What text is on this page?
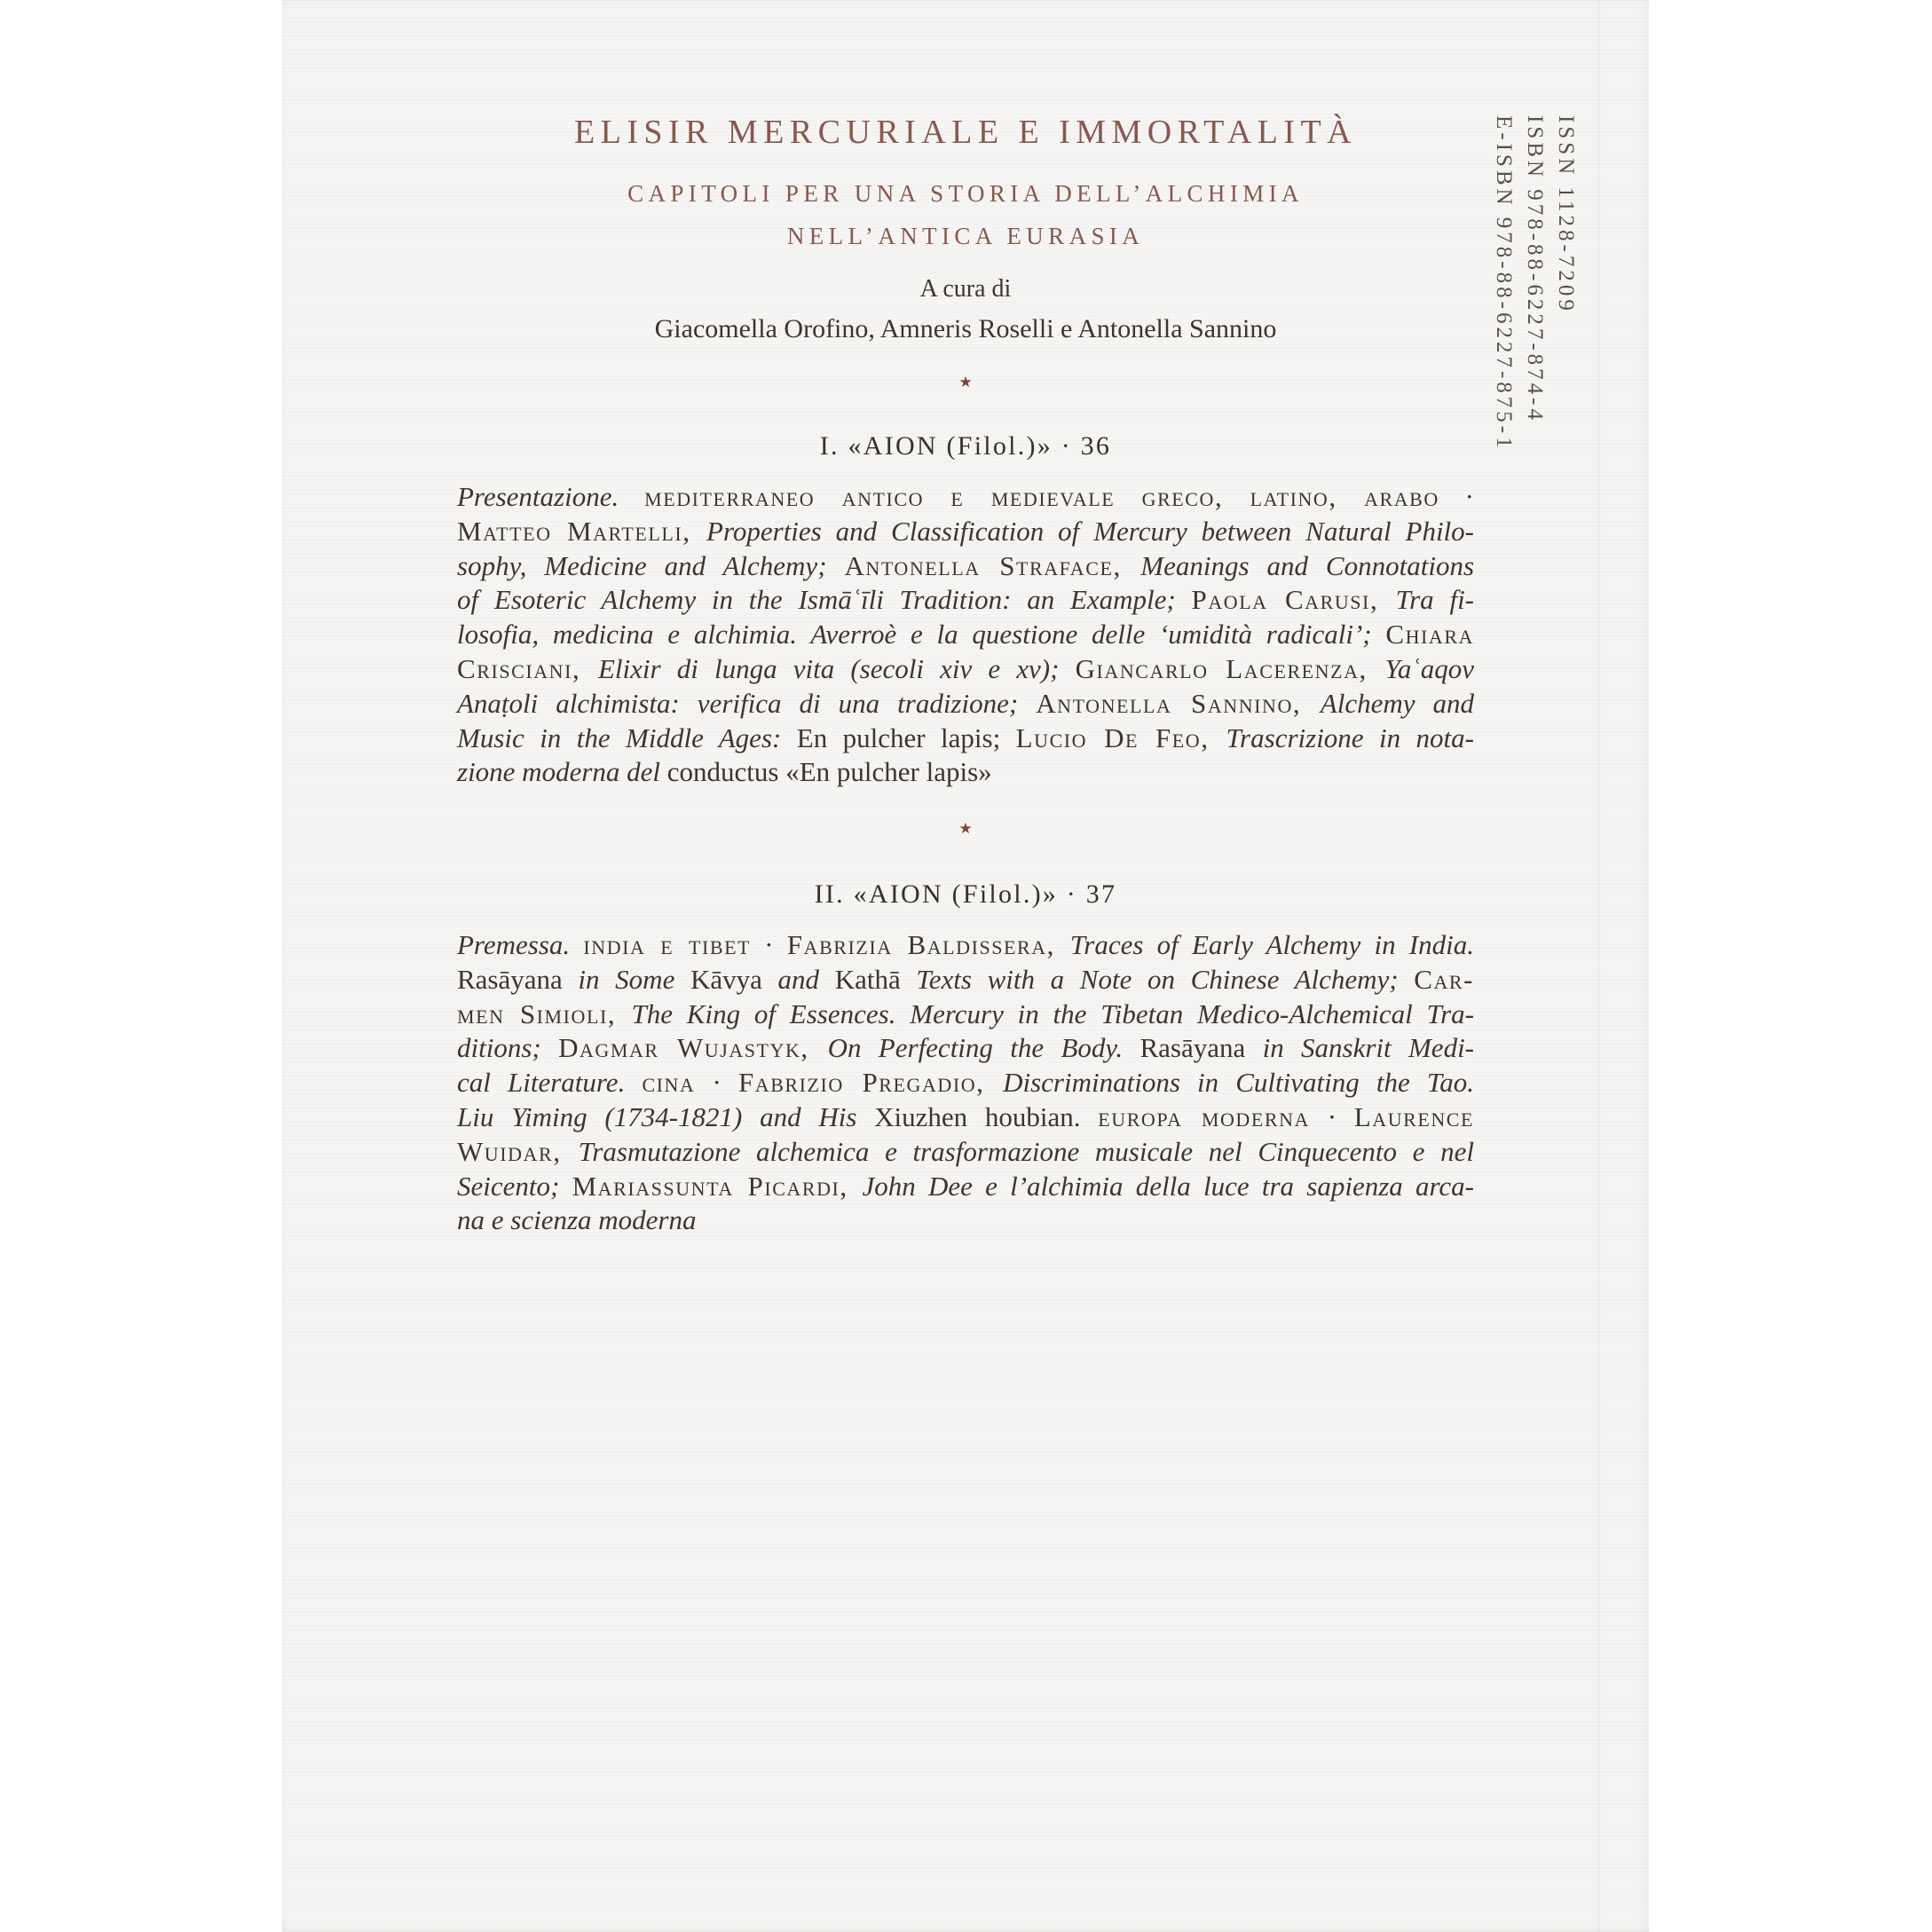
ELISIR MERCURIALE E IMMORTALITÀ
CAPITOLI PER UNA STORIA DELL’ALCHIMIA
NELL’ANTICA EURASIA
A cura di
Giacomella Orofino, Amneris Roselli e Antonella Sannino
★
I. «AION (Filol.)» · 36
Presentazione. mediterraneo antico e medievale greco, latino, arabo ·
Matteo Martelli, Properties and Classification of Mercury between Natural Philo-
sophy, Medicine and Alchemy; Antonella Straface, Meanings and Connotations
of Esoteric Alchemy in the Ismāʿīli Tradition: an Example; Paola Carusi, Tra fi-
losofia, medicina e alchimia. Averroè e la questione delle ‘umidità radicali’; Chiara
Crisciani, Elixir di lunga vita (secoli xiv e xv); Giancarlo Lacerenza, Yaʿaqov
Anaṭoli alchimista: verifica di una tradizione; Antonella Sannino, Alchemy and
Music in the Middle Ages: En pulcher lapis; Lucio De Feo, Trascrizione in nota-
zione moderna del conductus «En pulcher lapis»
★
II. «AION (Filol.)» · 37
Premessa. india e tibet · Fabrizia Baldissera, Traces of Early Alchemy in India.
Rasāyana in Some Kāvya and Kathā Texts with a Note on Chinese Alchemy; Car-
men Simioli, The King of Essences. Mercury in the Tibetan Medico-Alchemical Tra-
ditions; Dagmar Wujastyk, On Perfecting the Body. Rasāyana in Sanskrit Medi-
cal Literature. cina · Fabrizio Pregadio, Discriminations in Cultivating the Tao.
Liu Yiming (1734-1821) and His Xiuzhen houbian. europa moderna · Laurence
Wuidar, Trasmutazione alchemica e trasformazione musicale nel Cinquecento e nel
Seicento; Mariassunta Picardi, John Dee e l’alchimia della luce tra sapienza arca-
na e scienza moderna
ISSN 1128-7209
ISBN 978-88-6227-874-4
E-ISBN 978-88-6227-875-1
